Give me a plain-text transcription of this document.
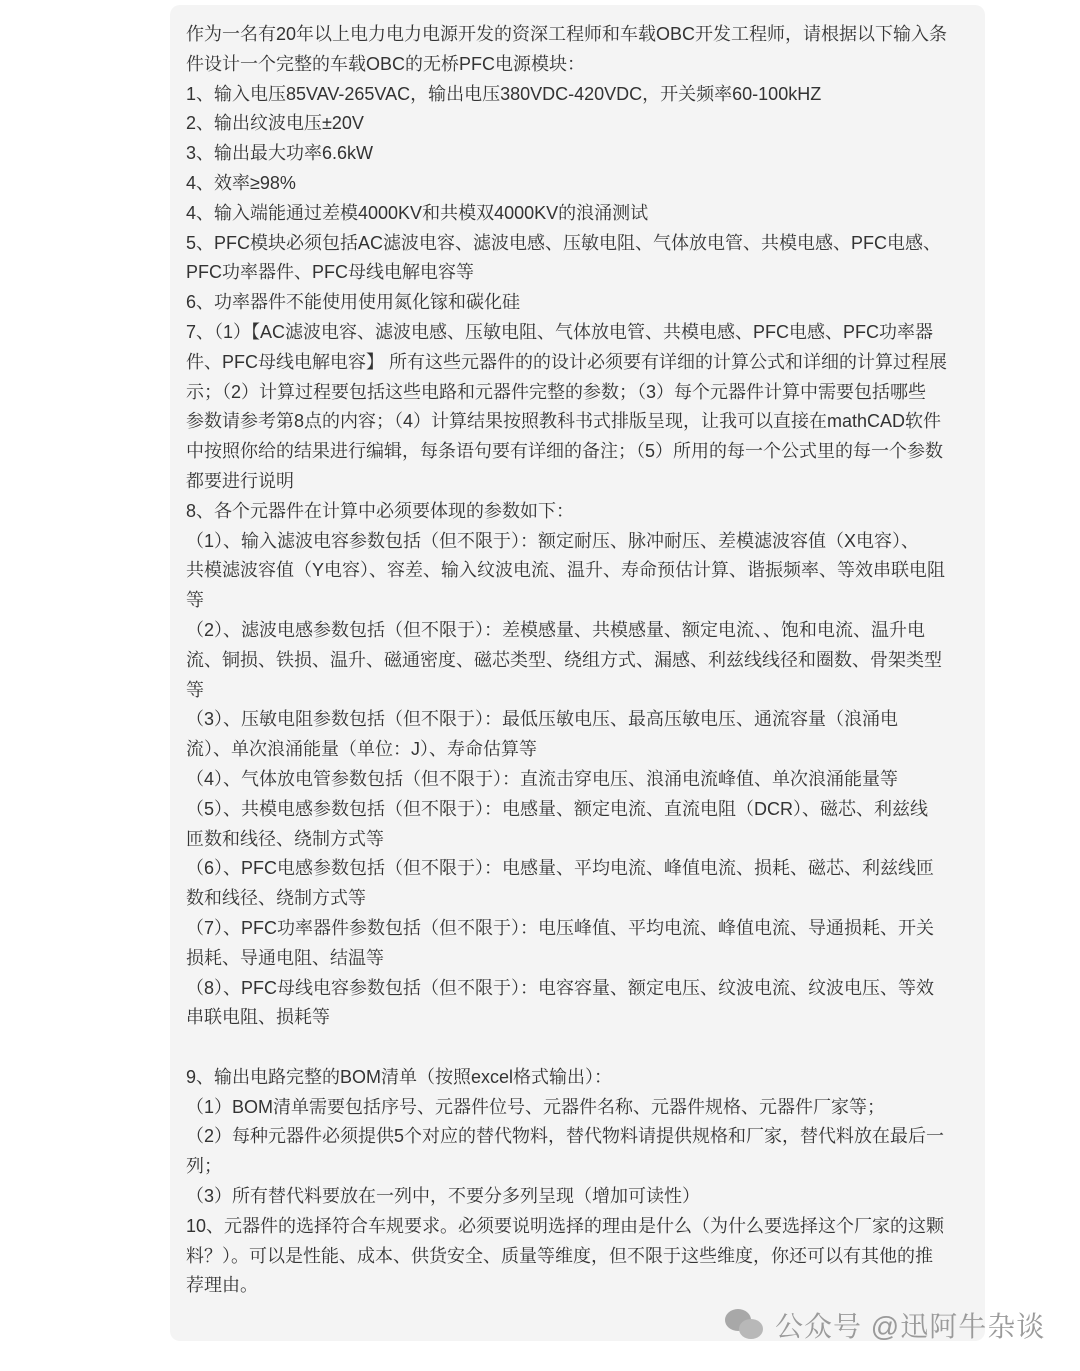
作为一名有20年以上电力电力电源开发的资深工程师和车载OBC开发工程师，请根据以下输入条
件设计一个完整的车载OBC的无桥PFC电源模块：
1、输入电压85VAV-265VAC，输出电压380VDC-420VDC，开关频率60-100kHZ
2、输出纹波电压±20V
3、输出最大功率6.6kW
4、效率≥98%
4、输入端能通过差模4000KV和共模双4000KV的浪涌测试
5、PFC模块必须包括AC滤波电容、滤波电感、压敏电阻、气体放电管、共模电感、PFC电感、
PFC功率器件、PFC母线电解电容等
6、功率器件不能使用使用氮化镓和碳化硅
7、（1）【AC滤波电容、滤波电感、压敏电阻、气体放电管、共模电感、PFC电感、PFC功率器
件、PFC母线电解电容】 所有这些元器件的的设计必须要有详细的计算公式和详细的计算过程展
示；（2）计算过程要包括这些电路和元器件完整的参数；（3）每个元器件计算中需要包括哪些
参数请参考第8点的内容；（4）计算结果按照教科书式排版呈现，让我可以直接在mathCAD软件
中按照你给的结果进行编辑，每条语句要有详细的备注；（5）所用的每一个公式里的每一个参数
都要进行说明
8、各个元器件在计算中必须要体现的参数如下：
（1）、输入滤波电容参数包括（但不限于）：额定耐压、脉冲耐压、差模滤波容值（X电容）、
共模滤波容值（Y电容）、容差、输入纹波电流、温升、寿命预估计算、谐振频率、等效串联电阻
等
（2）、滤波电感参数包括（但不限于）：差模感量、共模感量、额定电流、、饱和电流、温升电
流、铜损、铁损、温升、磁通密度、磁芯类型、绕组方式、漏感、利兹线线径和圈数、骨架类型
等
（3）、压敏电阻参数包括（但不限于）：最低压敏电压、最高压敏电压、通流容量（浪涌电
流）、单次浪涌能量（单位：J）、寿命估算等
（4）、气体放电管参数包括（但不限于）：直流击穿电压、浪涌电流峰值、单次浪涌能量等
（5）、共模电感参数包括（但不限于）：电感量、额定电流、直流电阻（DCR）、磁芯、利兹线
匝数和线径、绕制方式等
（6）、PFC电感参数包括（但不限于）：电感量、平均电流、峰值电流、损耗、磁芯、利兹线匝
数和线径、绕制方式等
（7）、PFC功率器件参数包括（但不限于）：电压峰值、平均电流、峰值电流、导通损耗、开关
损耗、导通电阻、结温等
（8）、PFC母线电容参数包括（但不限于）：电容容量、额定电压、纹波电流、纹波电压、等效
串联电阻、损耗等
9、输出电路完整的BOM清单（按照excel格式输出）：
（1）BOM清单需要包括序号、元器件位号、元器件名称、元器件规格、元器件厂家等；
（2）每种元器件必须提供5个对应的替代物料，替代物料请提供规格和厂家，替代料放在最后一
列；
（3）所有替代料要放在一列中，不要分多列呈现（增加可读性）
10、元器件的选择符合车规要求。必须要说明选择的理由是什么（为什么要选择这个厂家的这颗
料？）。可以是性能、成本、供货安全、质量等维度，但不限于这些维度，你还可以有其他的推
荐理由。
公众号 @迅阿牛杂谈
